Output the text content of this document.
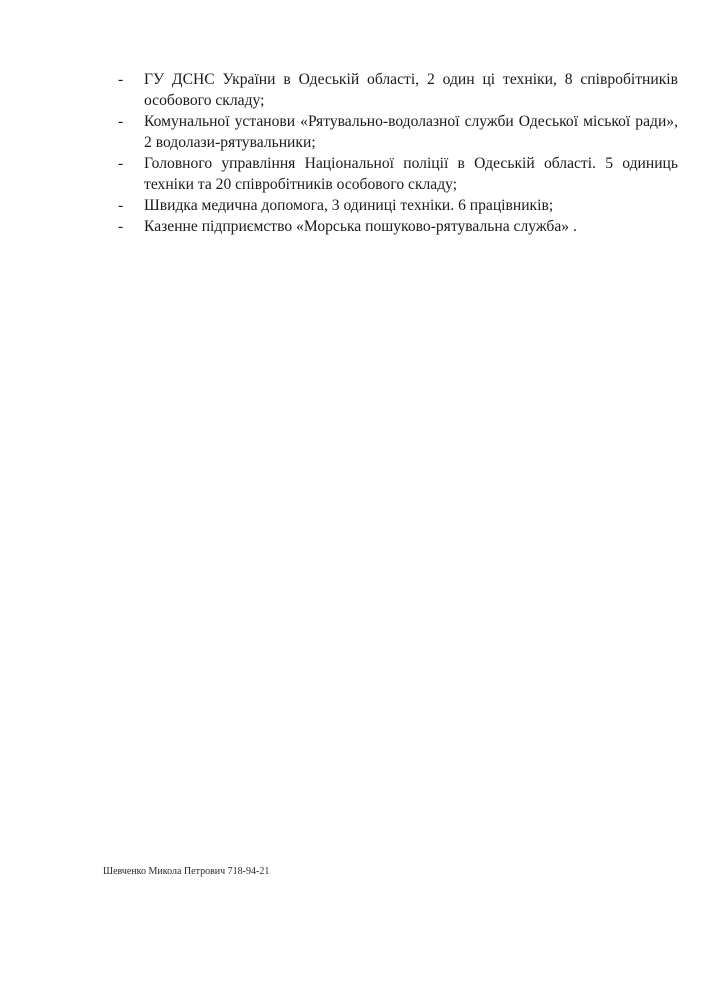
-	ГУ ДСНС України в Одеській області, 2 один ці техніки, 8 співробітників особового складу;
-	Комунальної установи «Рятувально-водолазної служби Одеської міської ради», 2 водолази-рятувальники;
-	Головного управління Національної поліції в Одеській області. 5 одиниць техніки та 20 співробітників особового складу;
-	Швидка медична допомога, 3 одиниці техніки. 6 працівників;
-	Казенне підприємство «Морська пошуково-рятувальна служба» .
Шевченко Микола Петрович 718-94-21
